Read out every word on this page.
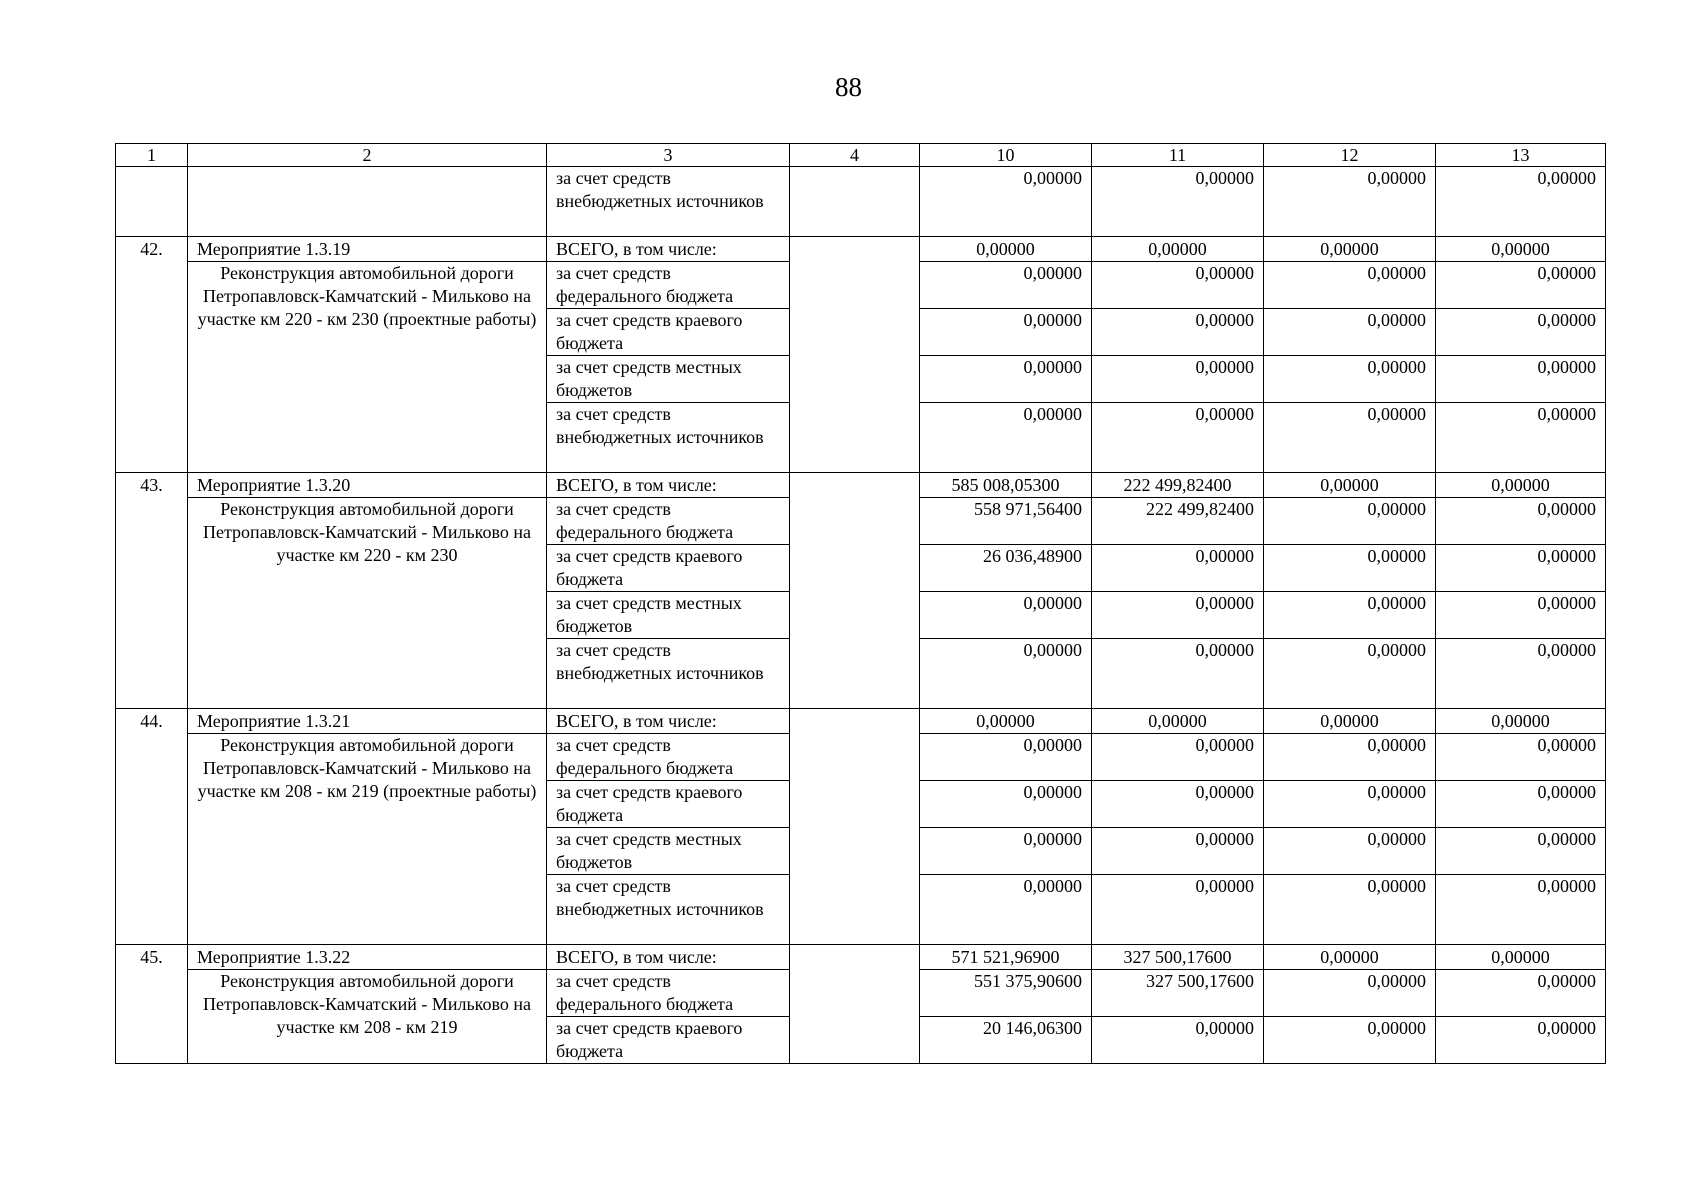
88
1	2	3	4	10	11	12	13
		за счет средств внебюджетных источников		0,00000	0,00000	0,00000	0,00000
42.	Мероприятие 1.3.19	ВСЕГО, в том числе:		0,00000	0,00000	0,00000	0,00000
	Реконструкция автомобильной дороги Петропавловск-Камчатский - Мильково на участке км 220 - км 230 (проектные работы)	за счет средств федерального бюджета		0,00000	0,00000	0,00000	0,00000
		за счет средств краевого бюджета		0,00000	0,00000	0,00000	0,00000
		за счет средств местных бюджетов		0,00000	0,00000	0,00000	0,00000
		за счет средств внебюджетных источников		0,00000	0,00000	0,00000	0,00000
43.	Мероприятие 1.3.20	ВСЕГО, в том числе:		585 008,05300	222 499,82400	0,00000	0,00000
	Реконструкция автомобильной дороги Петропавловск-Камчатский - Мильково на участке км 220 - км 230	за счет средств федерального бюджета		558 971,56400	222 499,82400	0,00000	0,00000
		за счет средств краевого бюджета		26 036,48900	0,00000	0,00000	0,00000
		за счет средств местных бюджетов		0,00000	0,00000	0,00000	0,00000
		за счет средств внебюджетных источников		0,00000	0,00000	0,00000	0,00000
44.	Мероприятие 1.3.21	ВСЕГО, в том числе:		0,00000	0,00000	0,00000	0,00000
	Реконструкция автомобильной дороги Петропавловск-Камчатский - Мильково на участке км 208 - км 219 (проектные работы)	за счет средств федерального бюджета		0,00000	0,00000	0,00000	0,00000
		за счет средств краевого бюджета		0,00000	0,00000	0,00000	0,00000
		за счет средств местных бюджетов		0,00000	0,00000	0,00000	0,00000
		за счет средств внебюджетных источников		0,00000	0,00000	0,00000	0,00000
45.	Мероприятие 1.3.22	ВСЕГО, в том числе:		571 521,96900	327 500,17600	0,00000	0,00000
	Реконструкция автомобильной дороги Петропавловск-Камчатский - Мильково на участке км 208 - км 219	за счет средств федерального бюджета		551 375,90600	327 500,17600	0,00000	0,00000
		за счет средств краевого бюджета		20 146,06300	0,00000	0,00000	0,00000
